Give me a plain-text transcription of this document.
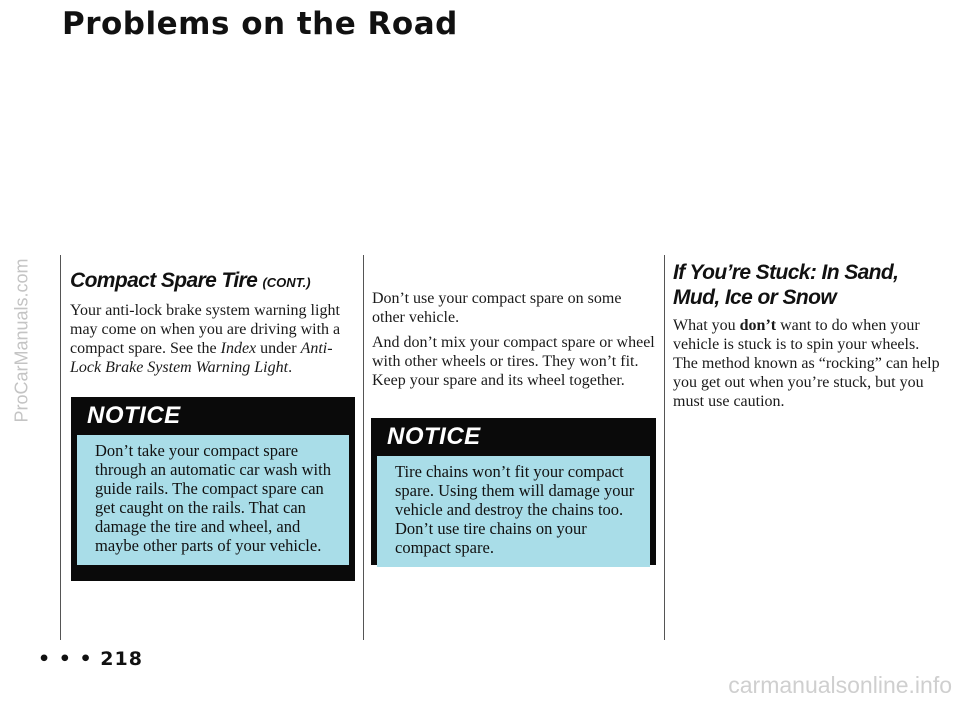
Problems on the Road
ProCarManuals.com Compact Spare Tire (CONT.)

Your anti-lock brake system warning light may come on when you are driving with a compact spare. See the Index under Anti-Lock Brake System Warning Light.

NOTICE
Don’t take your compact spare through an automatic car wash with guide rails. The compact spare can get caught on the rails. That can damage the tire and wheel, and maybe other parts of your vehicle.

Don’t use your compact spare on some other vehicle.

And don’t mix your compact spare or wheel with other wheels or tires. They won’t fit. Keep your spare and its wheel together.

NOTICE
Tire chains won’t fit your compact spare. Using them will damage your vehicle and destroy the chains too. Don’t use tire chains on your compact spare.
If You’re Stuck: In Sand, Mud, Ice or Snow

What you don’t want to do when your vehicle is stuck is to spin your wheels. The method known as “rocking” can help you get out when you’re stuck, but you must use caution.

• • • 218
carmanualsonline.info
